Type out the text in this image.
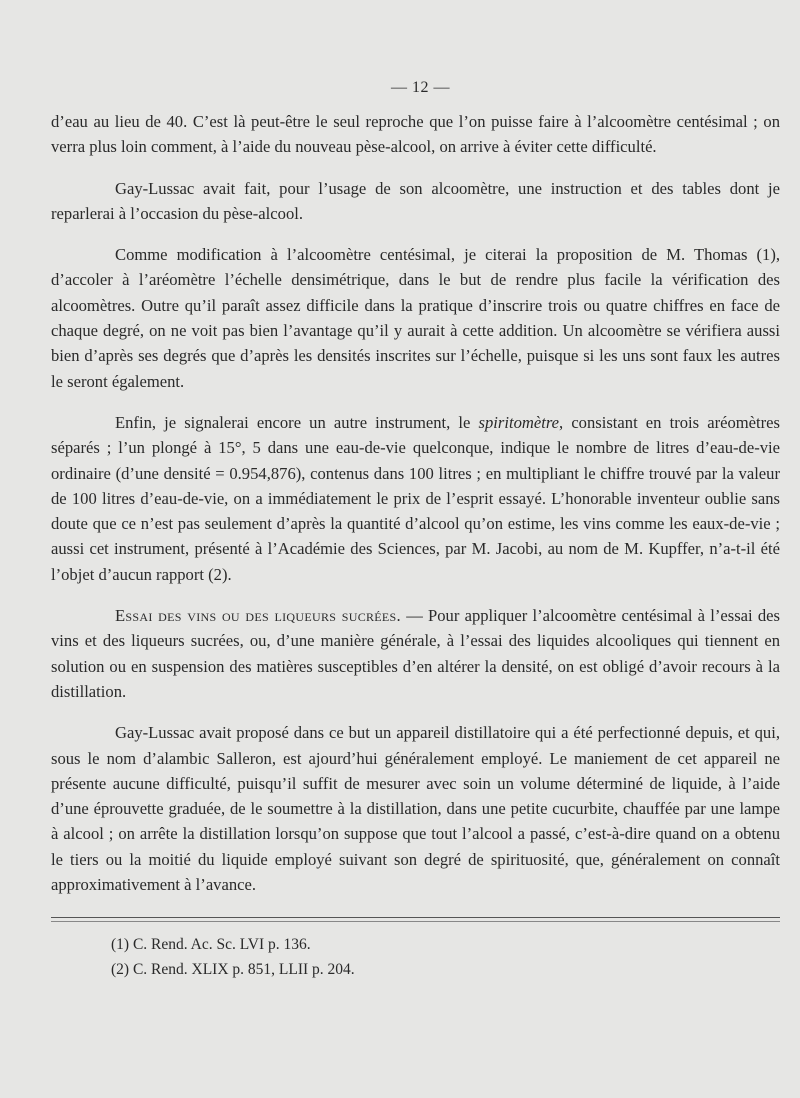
— 12 —

d’eau au lieu de 40. C’est là peut-être le seul reproche que l’on puisse faire à l’alcoomètre centésimal ; on verra plus loin comment, à l’aide du nouveau pèse-alcool, on arrive à éviter cette difficulté.

Gay-Lussac avait fait, pour l’usage de son alcoomètre, une instruction et des tables dont je reparlerai à l’occasion du pèse-alcool.

Comme modification à l’alcoomètre centésimal, je citerai la proposition de M. Thomas (1), d’accoler à l’aréomètre l’échelle densimétrique, dans le but de rendre plus facile la vérification des alcoomètres. Outre qu’il paraît assez difficile dans la pratique d’inscrire trois ou quatre chiffres en face de chaque degré, on ne voit pas bien l’avantage qu’il y aurait à cette addition. Un alcoomètre se vérifiera aussi bien d’après ses degrés que d’après les densités inscrites sur l’échelle, puisque si les uns sont faux les autres le seront également.

Enfin, je signalerai encore un autre instrument, le spiritomètre, consistant en trois aréomètres séparés ; l’un plongé à 15°, 5 dans une eau-de-vie quelconque, indique le nombre de litres d’eau-de-vie ordinaire (d’une densité = 0.954,876), contenus dans 100 litres ; en multipliant le chiffre trouvé par la valeur de 100 litres d’eau-de-vie, on a immédiatement le prix de l’esprit essayé. L’honorable inventeur oublie sans doute que ce n’est pas seulement d’après la quantité d’alcool qu’on estime, les vins comme les eaux-de-vie ; aussi cet instrument, présenté à l’Académie des Sciences, par M. Jacobi, au nom de M. Kupffer, n’a-t-il été l’objet d’aucun rapport (2).

Essai des vins ou des liqueurs sucrées. — Pour appliquer l’alcoomètre centésimal à l’essai des vins et des liqueurs sucrées, ou, d’une manière générale, à l’essai des liquides alcooliques qui tiennent en solution ou en suspension des matières susceptibles d’en altérer la densité, on est obligé d’avoir recours à la distillation.

Gay-Lussac avait proposé dans ce but un appareil distillatoire qui a été perfectionné depuis, et qui, sous le nom d’alambic Salleron, est ajourd’hui généralement employé. Le maniement de cet appareil ne présente aucune difficulté, puisqu’il suffit de mesurer avec soin un volume déterminé de liquide, à l’aide d’une éprouvette graduée, de le soumettre à la distillation, dans une petite cucurbite, chauffée par une lampe à alcool ; on arrête la distillation lorsqu’on suppose que tout l’alcool a passé, c’est-à-dire quand on a obtenu le tiers ou la moitié du liquide employé suivant son degré de spirituosité, que, généralement on connaît approximativement à l’avance.

(1) C. Rend. Ac. Sc. LVI p. 136.

(2) C. Rend. XLIX p. 851, LLII p. 204.
